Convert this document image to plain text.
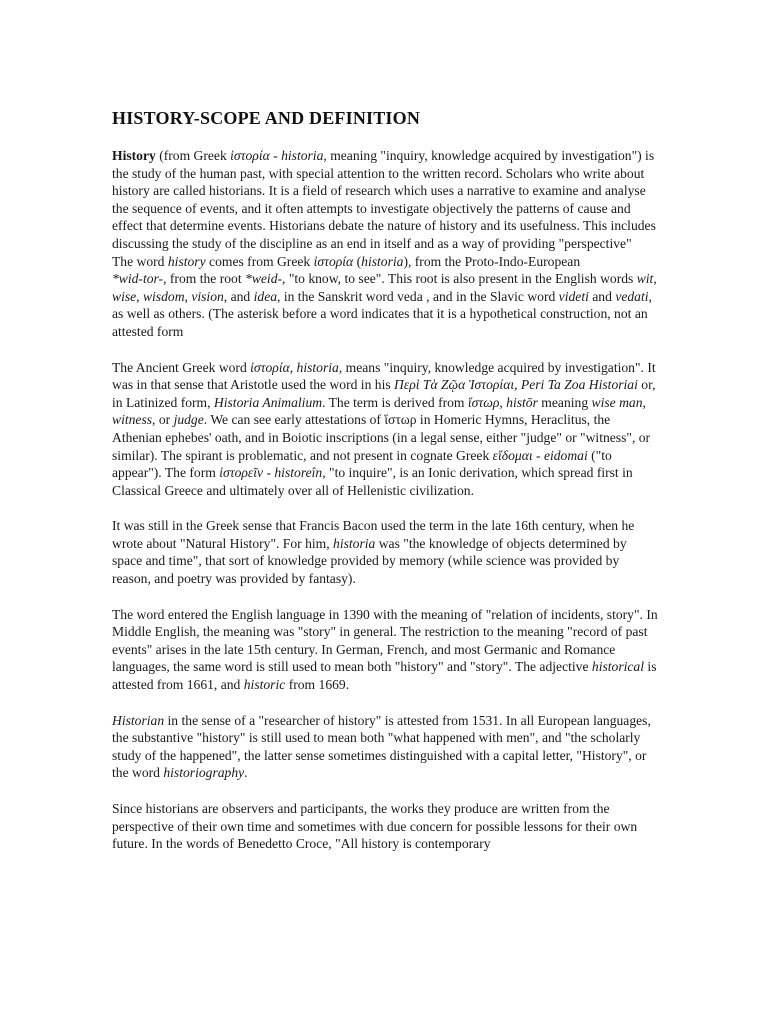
HISTORY-SCOPE AND DEFINITION

History (from Greek ἱστορία - historia, meaning "inquiry, knowledge acquired by investigation") is the study of the human past, with special attention to the written record. Scholars who write about history are called historians. It is a field of research which uses a narrative to examine and analyse the sequence of events, and it often attempts to investigate objectively the patterns of cause and effect that determine events. Historians debate the nature of history and its usefulness. This includes discussing the study of the discipline as an end in itself and as a way of providing "perspective"

The word history comes from Greek ἱστορία (historia), from the Proto-Indo-European
*wid-tor-, from the root *weid-, "to know, to see". This root is also present in the English words wit, wise, wisdom, vision, and idea, in the Sanskrit word veda , and in the Slavic word videti and vedati, as well as others. (The asterisk before a word indicates that it is a hypothetical construction, not an attested form

The Ancient Greek word ἱστορία, historia, means "inquiry, knowledge acquired by investigation". It was in that sense that Aristotle used the word in his Περὶ Τὰ Ζῷα Ἱστορίαι, Peri Ta Zoa Historiai or, in Latinized form, Historia Animalium. The term is derived from ἵστωρ, histōr meaning wise man, witness, or judge. We can see early attestations of ἵστωρ in Homeric Hymns, Heraclitus, the Athenian ephebes' oath, and in Boiotic inscriptions (in a legal sense, either "judge" or "witness", or similar). The spirant is problematic, and not present in cognate Greek εἴδομαι - eidomai ("to appear"). The form ἱστορεῖν - historeîn, "to inquire", is an Ionic derivation, which spread first in Classical Greece and ultimately over all of Hellenistic civilization.

It was still in the Greek sense that Francis Bacon used the term in the late 16th century, when he wrote about "Natural History". For him, historia was "the knowledge of objects determined by space and time", that sort of knowledge provided by memory (while science was provided by reason, and poetry was provided by fantasy).

The word entered the English language in 1390 with the meaning of "relation of incidents, story". In Middle English, the meaning was "story" in general. The restriction to the meaning "record of past events" arises in the late 15th century. In German, French, and most Germanic and Romance languages, the same word is still used to mean both "history" and "story". The adjective historical is attested from 1661, and historic from 1669.

Historian in the sense of a "researcher of history" is attested from 1531. In all European languages, the substantive "history" is still used to mean both "what happened with men", and "the scholarly study of the happened", the latter sense sometimes distinguished with a capital letter, "History", or the word historiography.

Since historians are observers and participants, the works they produce are written from the perspective of their own time and sometimes with due concern for possible lessons for their own future. In the words of Benedetto Croce, "All history is contemporary
